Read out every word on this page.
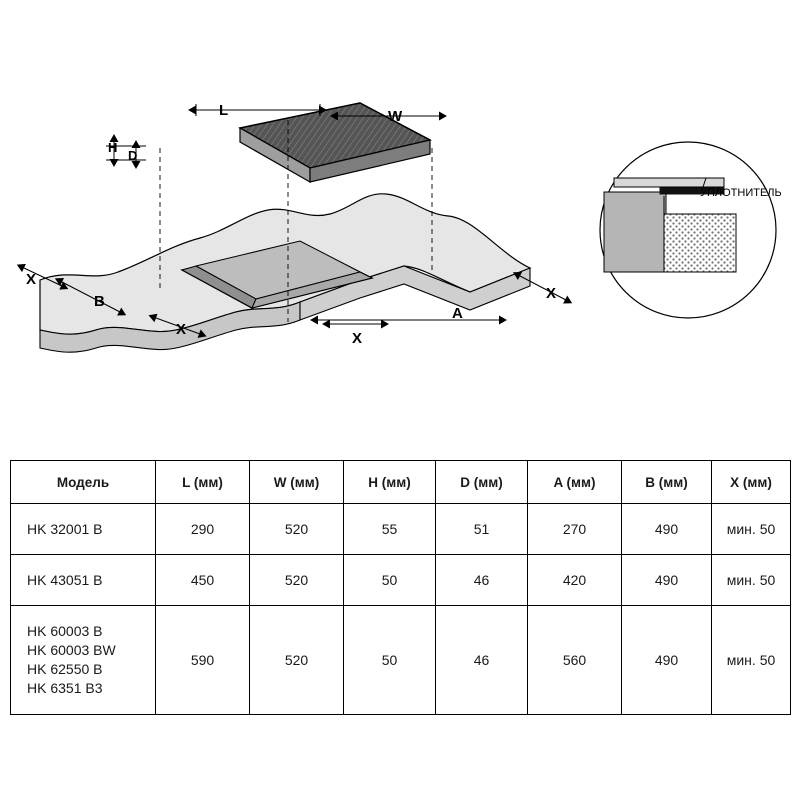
L	W
H
D
A
B
X
X
X
X
УПЛОТНИТЕЛЬ
Модель	L (мм)	W (мм)	H (мм)	D (мм)	A (мм)	B (мм)	X (мм)

HK 32001 B	290	520	55	51	270	490	мин. 50

HK 43051 B	450	520	50	46	420	490	мин. 50

HK 60003 B
HK 60003 BW
HK 62550 B
HK 6351 B3	590	520	50	46	560	490	мин. 50
